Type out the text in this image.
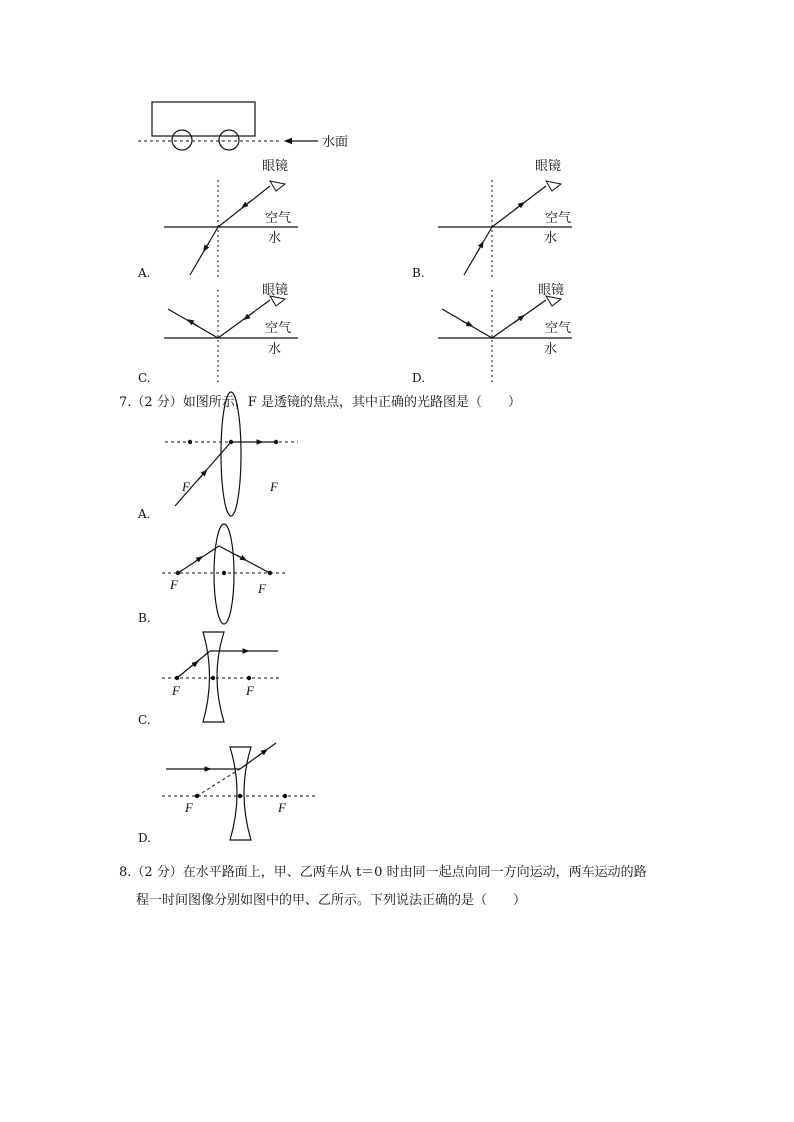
水面
眼镜
空气
水
A.
眼镜
空气
水
B.
眼镜
空气
水
C.
眼镜
空气
水
D.
F	F
A.
F	F
B.
F	F
C.
F	F
D.
7.（2 分）如图所示，F 是透镜的焦点，其中正确的光路图是（　　）
8.（2 分）在水平路面上，甲、乙两车从 t＝0 时由同一起点向同一方向运动，两车运动的路
程一时间图像分别如图中的甲、乙所示。下列说法正确的是（　　）
